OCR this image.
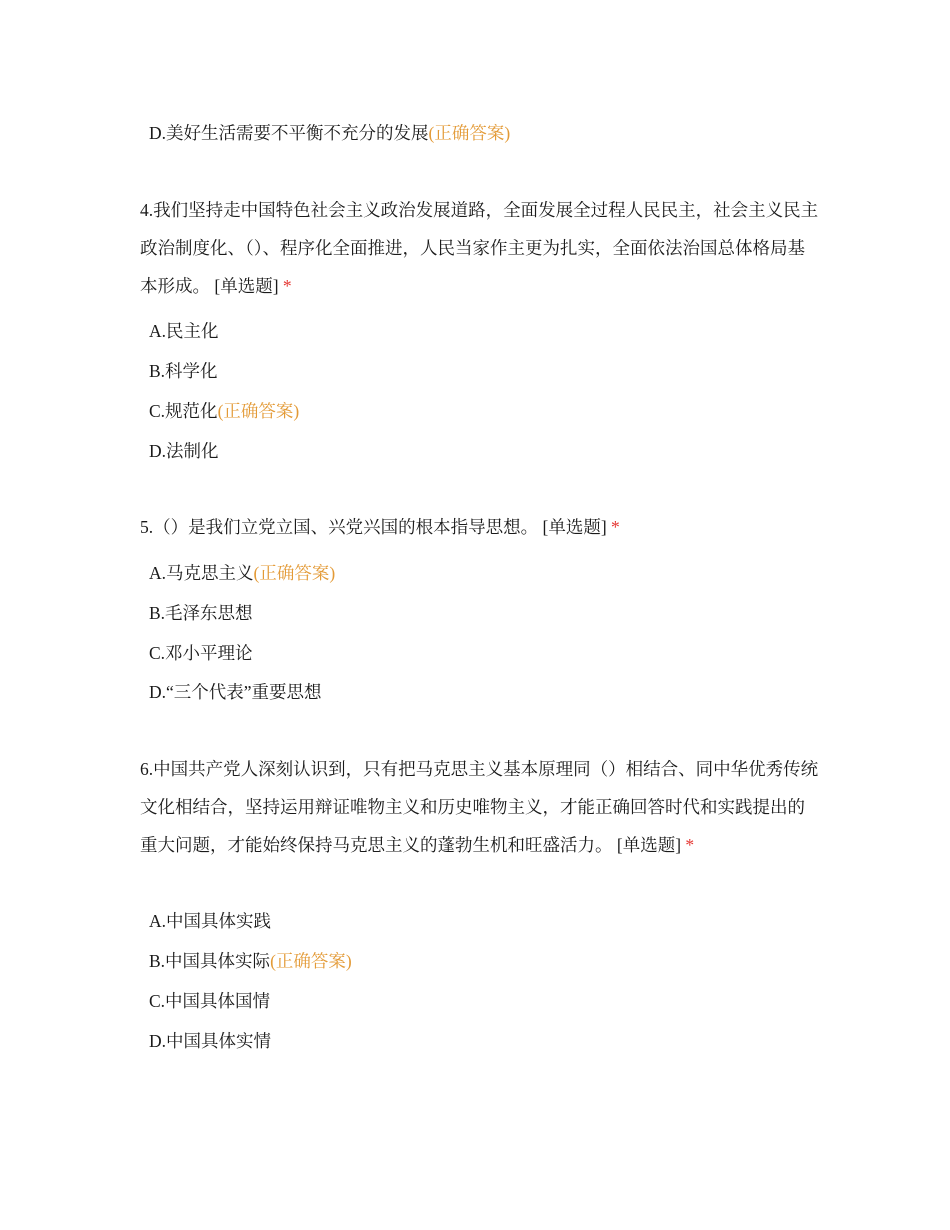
D.美好生活需要不平衡不充分的发展(正确答案)
4.我们坚持走中国特色社会主义政治发展道路，全面发展全过程人民民主，社会主义民主政治制度化、（）、程序化全面推进，人民当家作主更为扎实，全面依法治国总体格局基本形成。 [单选题] *
A.民主化
B.科学化
C.规范化(正确答案)
D.法制化
5.（）是我们立党立国、兴党兴国的根本指导思想。 [单选题] *
A.马克思主义(正确答案)
B.毛泽东思想
C.邓小平理论
D.“三个代表”重要思想
6.中国共产党人深刻认识到，只有把马克思主义基本原理同（）相结合、同中华优秀传统文化相结合，坚持运用辩证唯物主义和历史唯物主义，才能正确回答时代和实践提出的重大问题，才能始终保持马克思主义的蓬勃生机和旺盛活力。 [单选题] *
A.中国具体实践
B.中国具体实际(正确答案)
C.中国具体国情
D.中国具体实情
